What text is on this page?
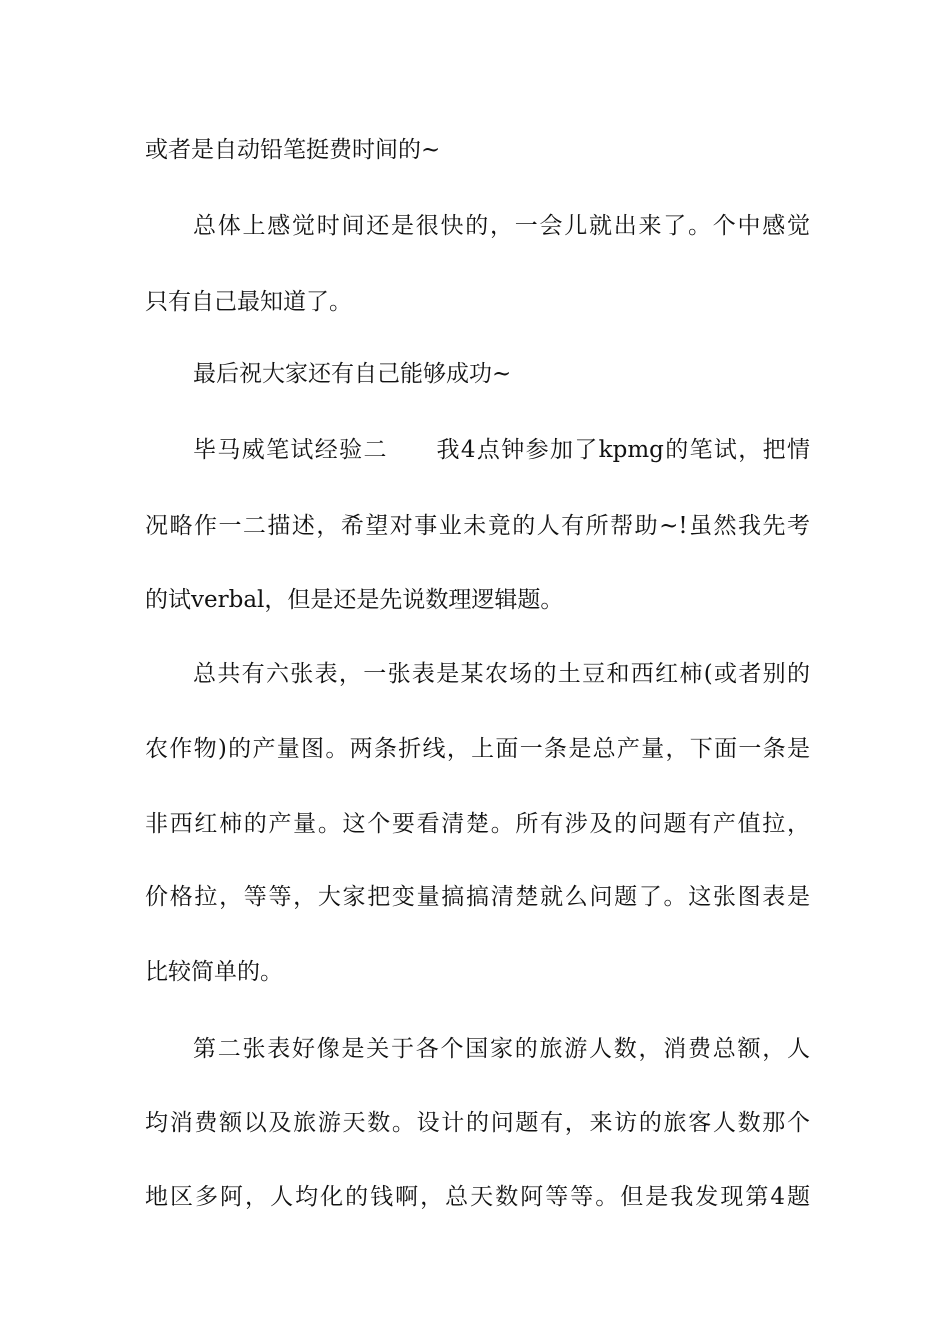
或者是自动铅笔挺费时间的~
总体上感觉时间还是很快的，一会儿就出来了。个中感觉
只有自己最知道了。
最后祝大家还有自己能够成功~
毕马威笔试经验二　　我4点钟参加了kpmg的笔试，把情
况略作一二描述，希望对事业未竟的人有所帮助~!虽然我先考
的试verbal，但是还是先说数理逻辑题。
总共有六张表，一张表是某农场的土豆和西红柿(或者别的
农作物)的产量图。两条折线，上面一条是总产量，下面一条是
非西红柿的产量。这个要看清楚。所有涉及的问题有产值拉，
价格拉，等等，大家把变量搞搞清楚就么问题了。这张图表是
比较简单的。
第二张表好像是关于各个国家的旅游人数，消费总额，人
均消费额以及旅游天数。设计的问题有，来访的旅客人数那个
地区多阿，人均化的钱啊，总天数阿等等。但是我发现第4题
